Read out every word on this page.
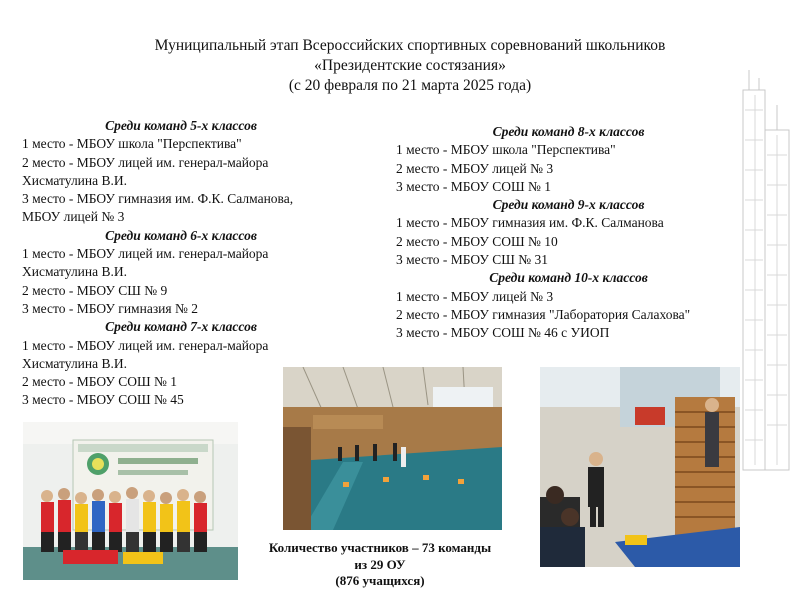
Муниципальный этап Всероссийских спортивных соревнований школьников
«Президентские состязания»
(с 20 февраля по 21 марта 2025 года)
Среди команд 5-х классов
1 место - МБОУ школа "Перспектива"
2 место - МБОУ лицей им. генерал-майора
Хисматулина В.И.
3 место - МБОУ гимназия им. Ф.К. Салманова,
МБОУ лицей № 3
Среди команд 6-х классов
1 место - МБОУ лицей им. генерал-майора
Хисматулина В.И.
2 место - МБОУ СШ № 9
3 место - МБОУ гимназия № 2
Среди команд 7-х классов
1 место - МБОУ лицей им. генерал-майора
Хисматулина В.И.
2 место - МБОУ СОШ № 1
3 место - МБОУ СОШ № 45
Среди команд 8-х классов
1 место - МБОУ школа "Перспектива"
2 место - МБОУ лицей № 3
3 место - МБОУ СОШ № 1
Среди команд 9-х классов
1 место - МБОУ гимназия им. Ф.К. Салманова
2 место - МБОУ СОШ № 10
3 место - МБОУ СШ № 31
Среди команд 10-х классов
1 место - МБОУ лицей № 3
2 место - МБОУ гимназия "Лаборатория Салахова"
3 место - МБОУ СОШ № 46 с УИОП
Количество участников – 73 команды
из 29 ОУ
(876 учащихся)
